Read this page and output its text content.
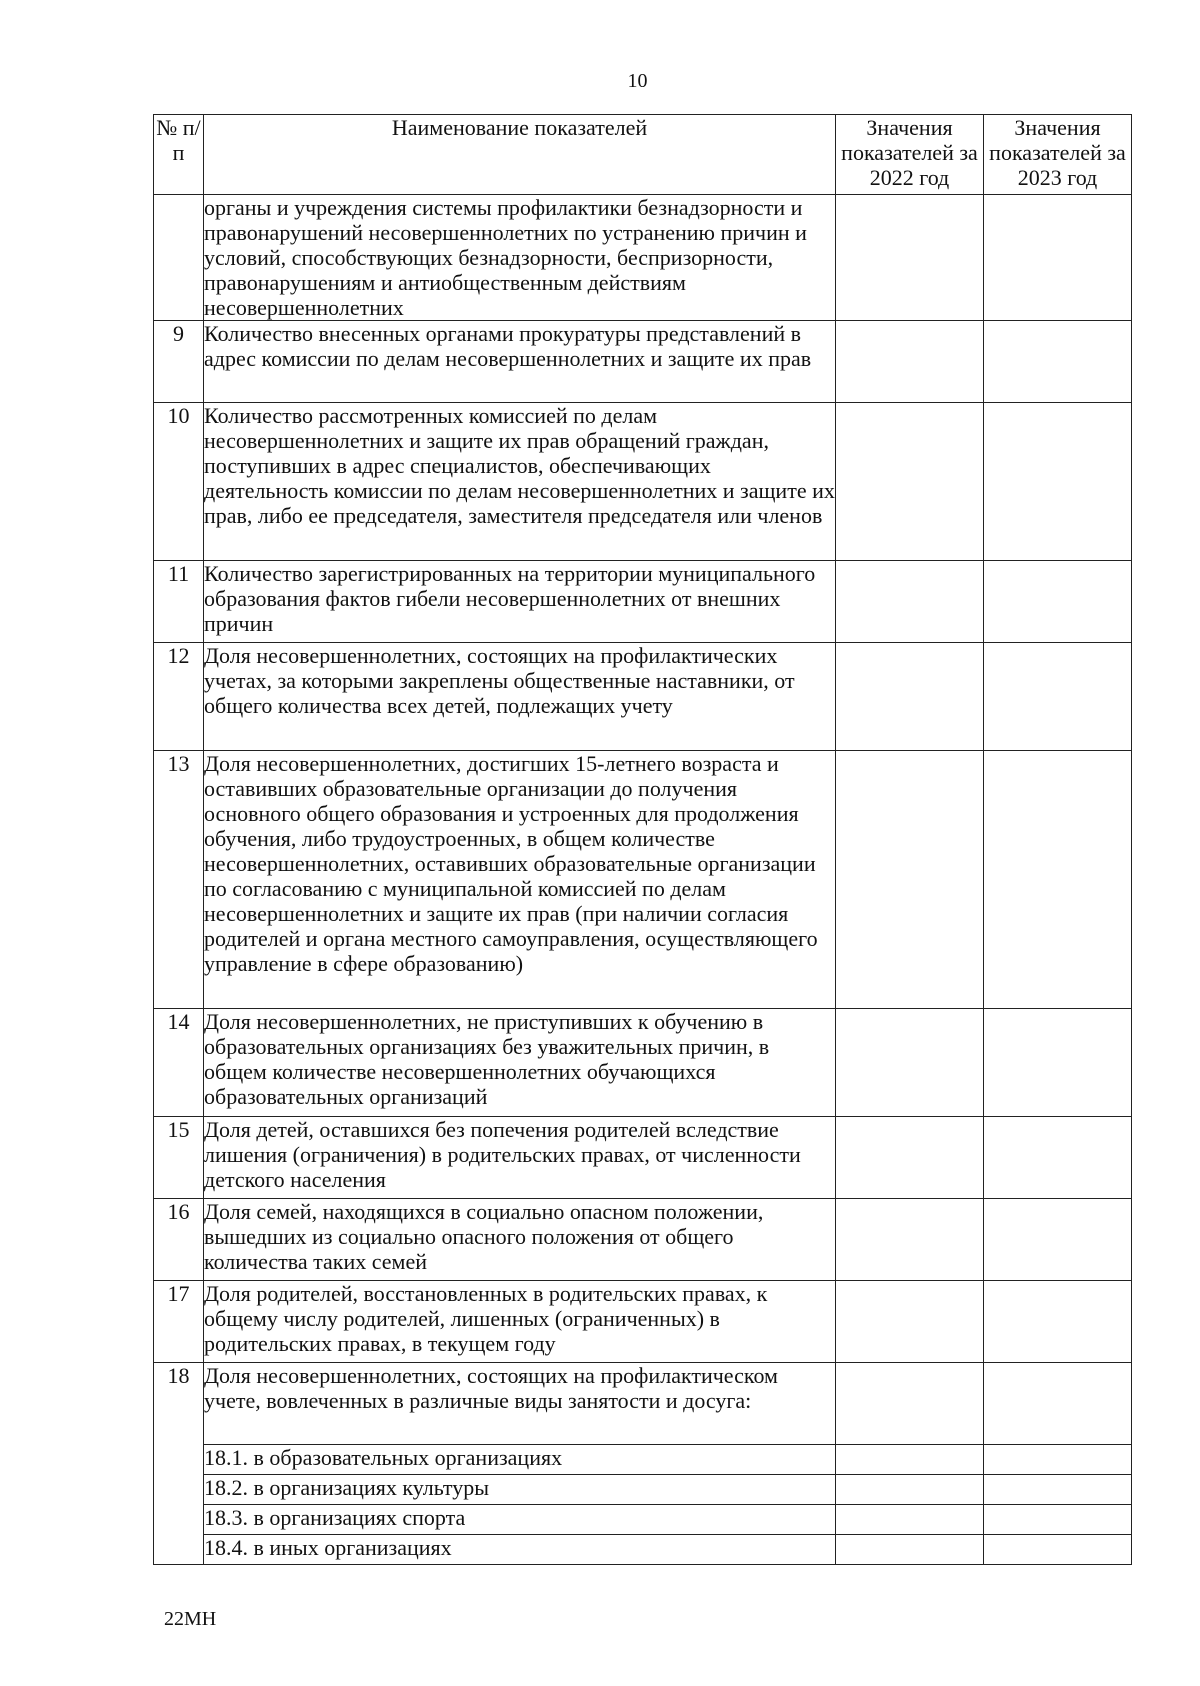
10
№ п/п	Наименование показателей	Значения показателей за 2022 год	Значения показателей за 2023 год
	органы и учреждения системы профилактики безнадзорности и правонарушений несовершеннолетних по устранению причин и условий, способствующих безнадзорности, беспризорности, правонарушениям и антиобщественным действиям несовершеннолетних		
9	Количество внесенных органами прокуратуры представлений в адрес комиссии по делам несовершеннолетних и защите их прав		
10	Количество рассмотренных комиссией по делам несовершеннолетних и защите их прав обращений граждан, поступивших в адрес специалистов, обеспечивающих деятельность комиссии по делам несовершеннолетних и защите их прав, либо ее председателя, заместителя председателя или членов		
11	Количество зарегистрированных на территории муниципального образования фактов гибели несовершеннолетних от внешних причин		
12	Доля несовершеннолетних, состоящих на профилактических учетах, за которыми закреплены общественные наставники, от общего количества всех детей, подлежащих учету		
13	Доля несовершеннолетних, достигших 15-летнего возраста и оставивших образовательные организации до получения основного общего образования и устроенных для продолжения обучения, либо трудоустроенных, в общем количестве несовершеннолетних, оставивших образовательные организации по согласованию с муниципальной комиссией по делам несовершеннолетних и защите их прав (при наличии согласия родителей и органа местного самоуправления, осуществляющего управление в сфере образованию)		
14	Доля несовершеннолетних, не приступивших к обучению в образовательных организациях без уважительных причин, в общем количестве несовершеннолетних обучающихся образовательных организаций		
15	Доля детей, оставшихся без попечения родителей вследствие лишения (ограничения) в родительских правах, от численности детского населения		
16	Доля семей, находящихся в социально опасном положении, вышедших из социально опасного положения от общего количества таких семей		
17	Доля родителей, восстановленных в родительских правах, к общему числу родителей, лишенных (ограниченных) в родительских правах, в текущем году		
18	Доля несовершеннолетних, состоящих на профилактическом учете, вовлеченных в различные виды занятости и досуга:		
	18.1. в образовательных организациях		
	18.2. в организациях культуры		
	18.3. в организациях спорта		
	18.4. в иных организациях		
22МН
